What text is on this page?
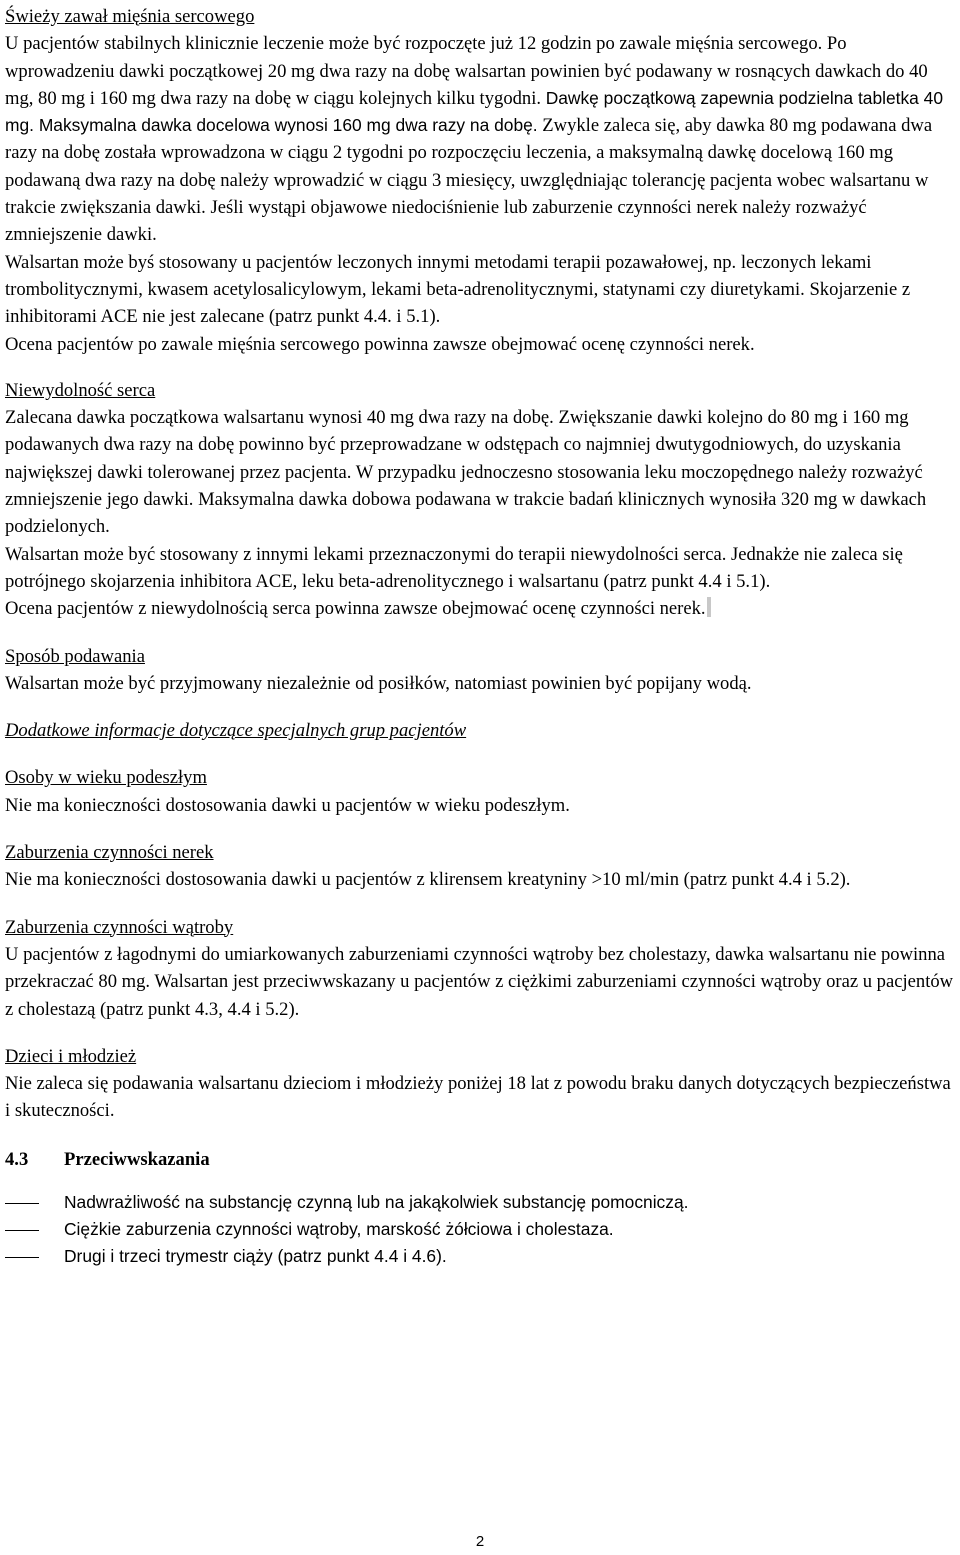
Świeży zawał mięśnia sercowego

U pacjentów stabilnych klinicznie leczenie może być rozpoczęte już 12 godzin po zawale mięśnia sercowego. Po wprowadzeniu dawki początkowej 20 mg dwa razy na dobę walsartan powinien być podawany w rosnących dawkach do 40 mg, 80 mg i 160 mg dwa razy na dobę w ciągu kolejnych kilku tygodni. Dawkę początkową zapewnia podzielna tabletka 40 mg. Maksymalna dawka docelowa wynosi 160 mg dwa razy na dobę. Zwykle zaleca się, aby dawka 80 mg podawana dwa razy na dobę została wprowadzona w ciągu 2 tygodni po rozpoczęciu leczenia, a maksymalną dawkę docelową 160 mg podawaną dwa razy na dobę należy wprowadzić w ciągu 3 miesięcy, uwzględniając tolerancję pacjenta wobec walsartanu w trakcie zwiększania dawki. Jeśli wystąpi objawowe niedociśnienie lub zaburzenie czynności nerek należy rozważyć zmniejszenie dawki.

Walsartan może byś stosowany u pacjentów leczonych innymi metodami terapii pozawałowej, np. leczonych lekami trombolitycznymi, kwasem acetylosalicylowym, lekami beta-adrenolitycznymi, statynami czy diuretykami. Skojarzenie z inhibitorami ACE nie jest zalecane (patrz punkt 4.4. i 5.1).

Ocena pacjentów po zawale mięśnia sercowego powinna zawsze obejmować ocenę czynności nerek.

Niewydolność serca

Zalecana dawka początkowa walsartanu wynosi 40 mg dwa razy na dobę. Zwiększanie dawki kolejno do 80 mg i 160 mg podawanych dwa razy na dobę powinno być przeprowadzane w odstępach co najmniej dwutygodniowych, do uzyskania największej dawki tolerowanej przez pacjenta. W przypadku jednoczesno stosowania leku moczopędnego należy rozważyć zmniejszenie jego dawki. Maksymalna dawka dobowa podawana w trakcie badań klinicznych wynosiła 320 mg w dawkach podzielonych.

Walsartan może być stosowany z innymi lekami przeznaczonymi do terapii niewydolności serca. Jednakże nie zaleca się potrójnego skojarzenia inhibitora ACE, leku beta-adrenolitycznego i walsartanu (patrz punkt 4.4 i 5.1).

Ocena pacjentów z niewydolnością serca powinna zawsze obejmować ocenę czynności nerek.

Sposób podawania

Walsartan może być przyjmowany niezależnie od posiłków, natomiast powinien być popijany wodą.

Dodatkowe informacje dotyczące specjalnych grup pacjentów

Osoby w wieku podeszłym

Nie ma konieczności dostosowania dawki u pacjentów w wieku podeszłym.

Zaburzenia czynności nerek

Nie ma konieczności dostosowania dawki u pacjentów z klirensem kreatyniny >10 ml/min (patrz punkt 4.4 i 5.2).

Zaburzenia czynności wątroby

U pacjentów z łagodnymi do umiarkowanych zaburzeniami czynności wątroby bez cholestazy, dawka walsartanu nie powinna przekraczać 80 mg. Walsartan jest przeciwwskazany u pacjentów z ciężkimi zaburzeniami czynności wątroby oraz u pacjentów z cholestazą (patrz punkt 4.3, 4.4 i 5.2).

Dzieci i młodzież

Nie zaleca się podawania walsartanu dzieciom i młodzieży poniżej 18 lat z powodu braku danych dotyczących bezpieczeństwa i skuteczności.

4.3 Przeciwwskazania
Nadwrażliwość na substancję czynną lub na jakąkolwiek substancję pomocniczą.
Ciężkie zaburzenia czynności wątroby, marskość żółciowa i cholestaza.
Drugi i trzeci trymestr ciąży (patrz punkt 4.4 i 4.6).
2
